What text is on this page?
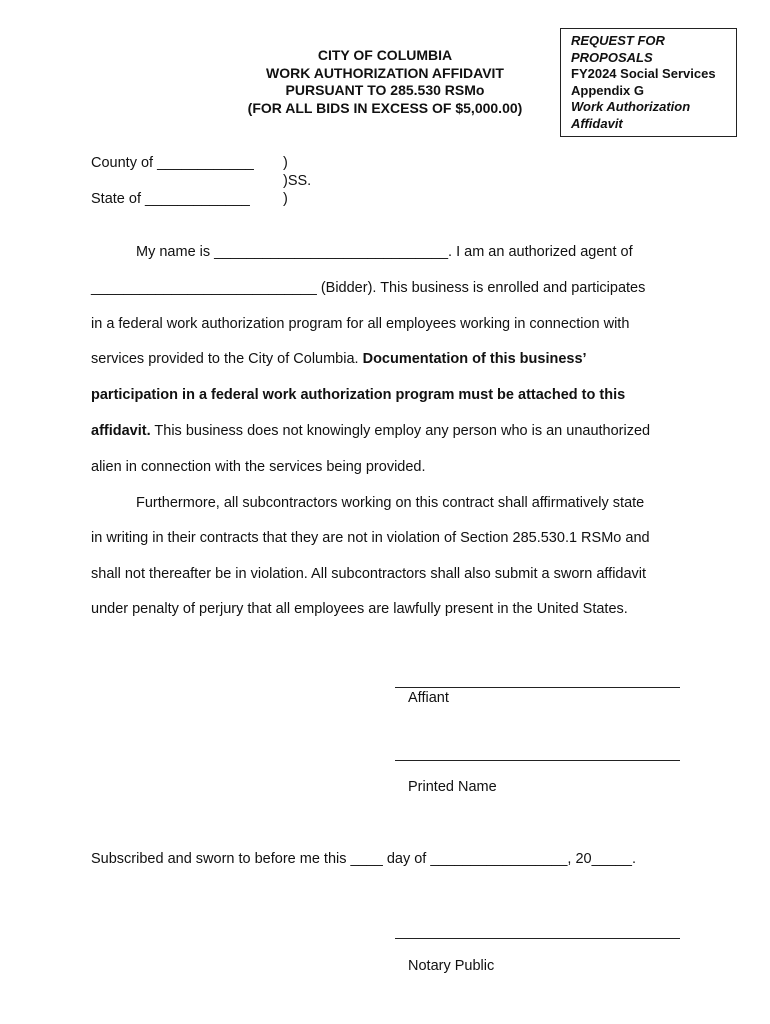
CITY OF COLUMBIA
WORK AUTHORIZATION AFFIDAVIT
PURSUANT TO 285.530 RSMo
(FOR ALL BIDS IN EXCESS OF $5,000.00)
REQUEST FOR
PROPOSALS
FY2024 Social Services
Appendix G
Work Authorization
Affidavit
County of ____________
State of _____________
)
)SS.
)
My name is _____________________________. I am an authorized agent of
____________________________ (Bidder). This business is enrolled and participates
in a federal work authorization program for all employees working in connection with
services provided to the City of Columbia. Documentation of this business’
participation in a federal work authorization program must be attached to this
affidavit. This business does not knowingly employ any person who is an unauthorized
alien in connection with the services being provided.
Furthermore, all subcontractors working on this contract shall affirmatively state
in writing in their contracts that they are not in violation of Section 285.530.1 RSMo and
shall not thereafter be in violation. All subcontractors shall also submit a sworn affidavit
under penalty of perjury that all employees are lawfully present in the United States.
Affiant
Printed Name
Subscribed and sworn to before me this ____ day of _________________, 20_____.
Notary Public
